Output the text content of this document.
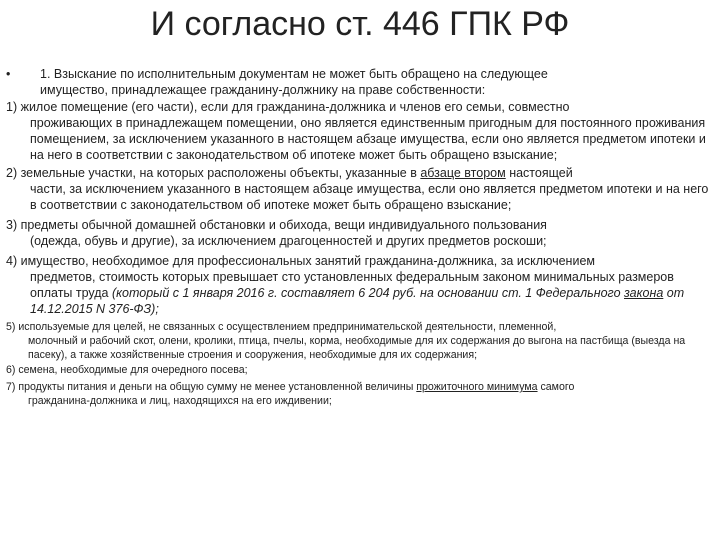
И согласно ст. 446 ГПК РФ

• 1. Взыскание по исполнительным документам не может быть обращено на следующее
имущество, принадлежащее гражданину-должнику на праве собственности:

1) жилое помещение (его части), если для гражданина-должника и членов его семьи, совместно
проживающих в принадлежащем помещении, оно является единственным пригодным для постоянного проживания помещением, за исключением указанного в настоящем абзаце имущества, если оно является предметом ипотеки и на него в соответствии с законодательством об ипотеке может быть обращено взыскание;

2) земельные участки, на которых расположены объекты, указанные в абзаце втором настоящей
части, за исключением указанного в настоящем абзаце имущества, если оно является предметом ипотеки и на него в соответствии с законодательством об ипотеке может быть обращено взыскание;

3) предметы обычной домашней обстановки и обихода, вещи индивидуального пользования
(одежда, обувь и другие), за исключением драгоценностей и других предметов роскоши;

4) имущество, необходимое для профессиональных занятий гражданина-должника, за исключением
предметов, стоимость которых превышает сто установленных федеральным законом минимальных размеров оплаты труда (который с 1 января 2016 г. составляет 6 204 руб. на основании ст. 1 Федерального закона от 14.12.2015 N 376-ФЗ);

5) используемые для целей, не связанных с осуществлением предпринимательской деятельности, племенной,
молочный и рабочий скот, олени, кролики, птица, пчелы, корма, необходимые для их содержания до выгона на пастбища (выезда на пасеку), а также хозяйственные строения и сооружения, необходимые для их содержания;

6) семена, необходимые для очередного посева;

7) продукты питания и деньги на общую сумму не менее установленной величины прожиточного минимума самого
гражданина-должника и лиц, находящихся на его иждивении;
